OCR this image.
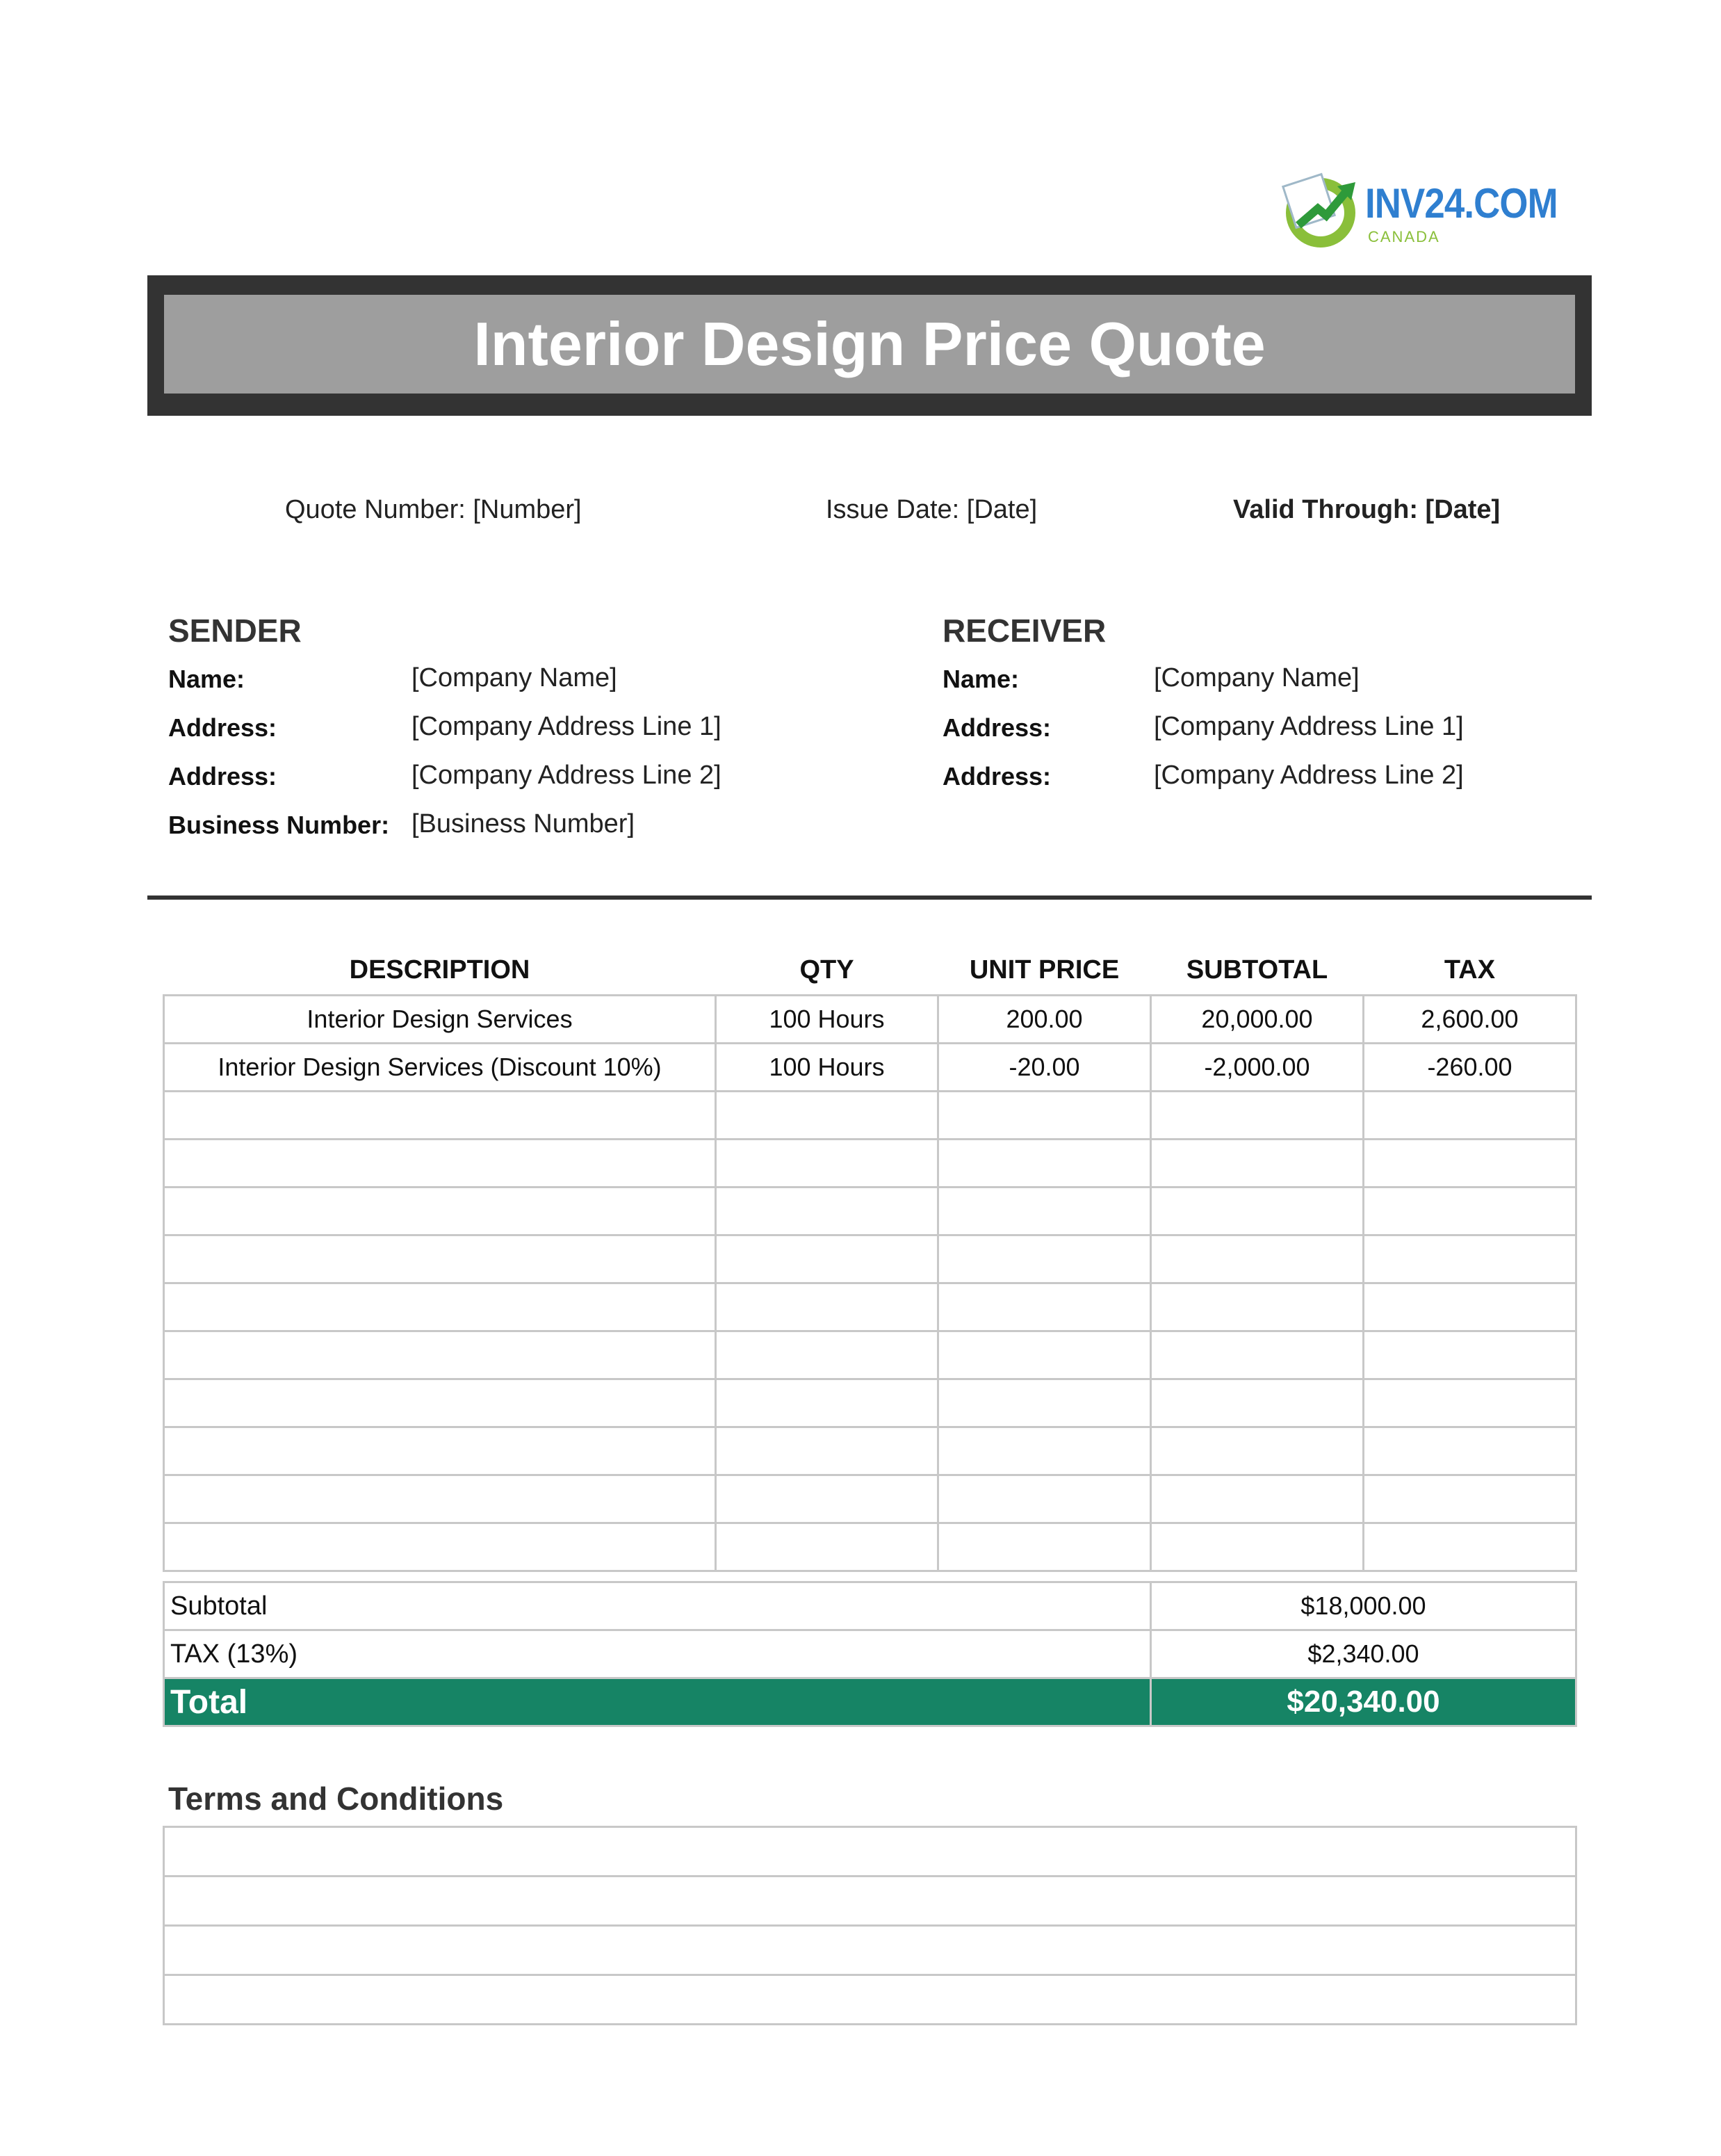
INV24.COM
CANADA
Interior Design Price Quote
Quote Number: [Number]	Issue Date: [Date]	Valid Through: [Date]
SENDER
Name:	[Company Name]
Address:	[Company Address Line 1]
Address:	[Company Address Line 2]
Business Number: [Business Number]
RECEIVER
Name:	[Company Name]
Address:	[Company Address Line 1]
Address:	[Company Address Line 2]
DESCRIPTION	QTY	UNIT PRICE	SUBTOTAL	TAX
Interior Design Services	100 Hours	200.00	20,000.00	2,600.00
Interior Design Services (Discount 10%)	100 Hours	-20.00	-2,000.00	-260.00

Subtotal	$18,000.00
TAX (13%)	$2,340.00
Total	$20,340.00
Terms and Conditions
